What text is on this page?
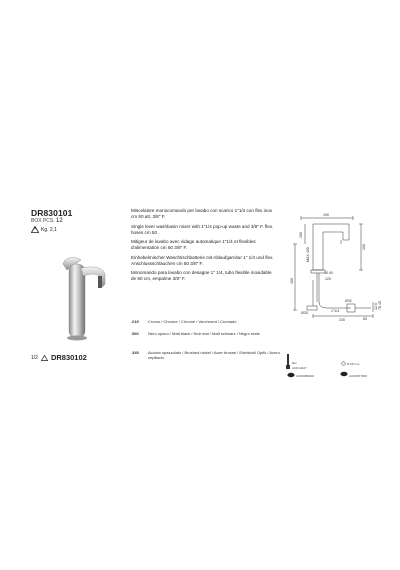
DR830101
BOX PCS. 12
Kg. 2,1

Miscelatore monocomando per lavabo con scarico 1"1/4 con flex inox cm 50 att. 3/8" F.

Single lever washbasin mixer with 1"1/4 pop-up waste and 3/8" F. flex. hoses cm 50 .

Mitigeur de lavabo avec vidage automatique 1"1/4 et flexibles d'alimentation cm 50 3/8" F.

Einhebelmischer Waschtischbatterie mit Ablaufgarnitur 1" 1/4 und flex. Anschlussschläuchen cm 50 3/8" F.

Monomando para lavabo con desagüe 1" 1/4, tubo flexible inoxidable de 50 cm, empalme 3/8" F.

.015	Cromo / Chrome / Chromé / Verchromt / Cromado
.560	Nero opaco / Matt black / Noir mat / Matt schwarz / Negro mate
.345	Acciaio spazzolato / Brushed nickel / Acier brossé / Edelstahl Optik / Acero cepillado
1/2 DR830102
190
150
100
120
Ø 40
MAX 400
400
Ø35
Ø32
1"1/4
230
12.6 78.45
60
flex
ACD14427
ACD9980000
Ø 35 mm
ACD9977000
